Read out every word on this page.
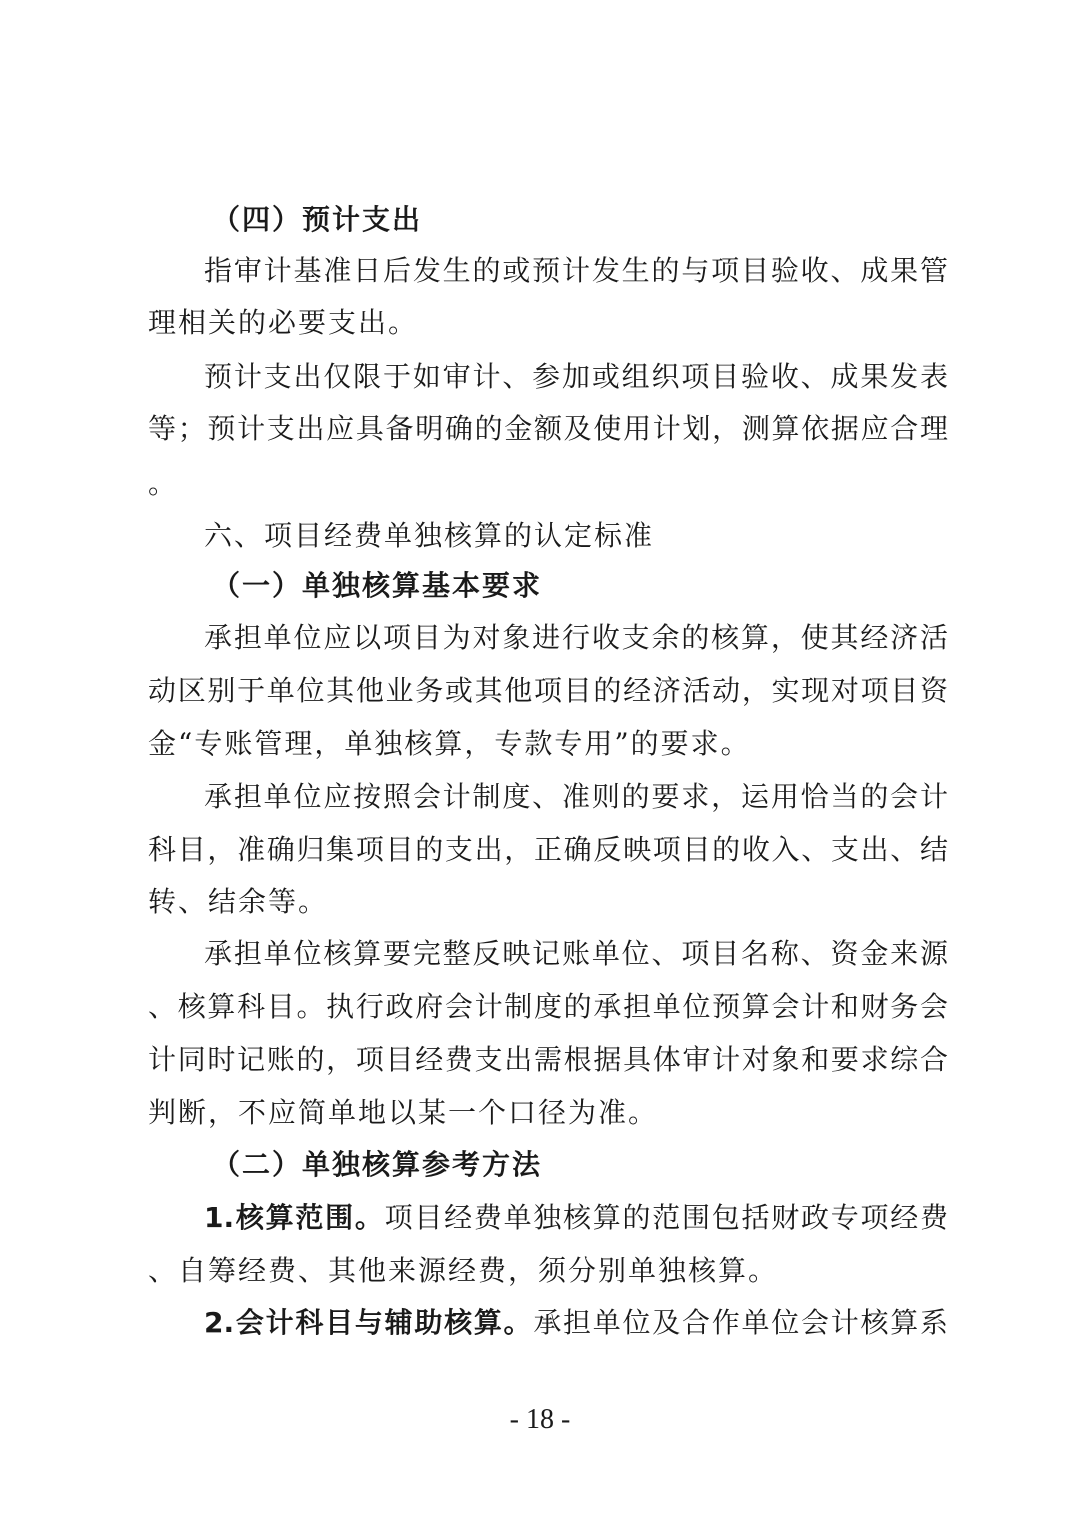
（四）预计支出
指审计基准日后发生的或预计发生的与项目验收、成果管
理相关的必要支出。
预计支出仅限于如审计、参加或组织项目验收、成果发表
等；预计支出应具备明确的金额及使用计划，测算依据应合理
。
六、项目经费单独核算的认定标准
（一）单独核算基本要求
承担单位应以项目为对象进行收支余的核算，使其经济活
动区别于单位其他业务或其他项目的经济活动，实现对项目资
金“专账管理，单独核算，专款专用”的要求。
承担单位应按照会计制度、准则的要求，运用恰当的会计
科目，准确归集项目的支出，正确反映项目的收入、支出、结
转、结余等。
承担单位核算要完整反映记账单位、项目名称、资金来源
、核算科目。执行政府会计制度的承担单位预算会计和财务会
计同时记账的，项目经费支出需根据具体审计对象和要求综合
判断，不应简单地以某一个口径为准。
（二）单独核算参考方法
1.核算范围。项目经费单独核算的范围包括财政专项经费
、自筹经费、其他来源经费，须分别单独核算。
2.会计科目与辅助核算。承担单位及合作单位会计核算系
- 18 -
